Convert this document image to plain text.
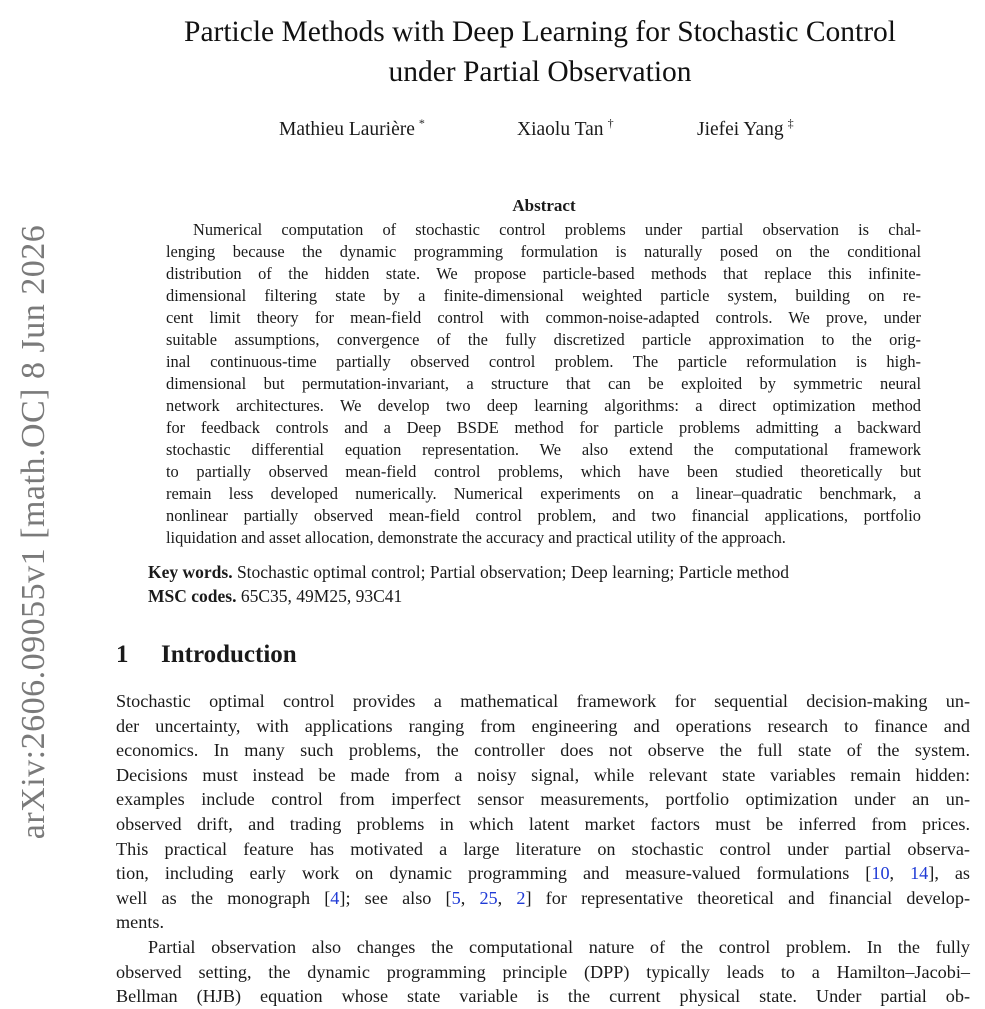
arXiv:2606.09055v1 [math.OC] 8 Jun 2026
Particle Methods with Deep Learning for Stochastic Control
under Partial Observation
Mathieu Laurière *	Xiaolu Tan †	Jiefei Yang ‡
Abstract
Numerical computation of stochastic control problems under partial observation is chal-
lenging because the dynamic programming formulation is naturally posed on the conditional
distribution of the hidden state. We propose particle-based methods that replace this infinite-
dimensional filtering state by a finite-dimensional weighted particle system, building on re-
cent limit theory for mean-field control with common-noise-adapted controls. We prove, under
suitable assumptions, convergence of the fully discretized particle approximation to the orig-
inal continuous-time partially observed control problem. The particle reformulation is high-
dimensional but permutation-invariant, a structure that can be exploited by symmetric neural
network architectures. We develop two deep learning algorithms: a direct optimization method
for feedback controls and a Deep BSDE method for particle problems admitting a backward
stochastic differential equation representation. We also extend the computational framework
to partially observed mean-field control problems, which have been studied theoretically but
remain less developed numerically. Numerical experiments on a linear–quadratic benchmark, a
nonlinear partially observed mean-field control problem, and two financial applications, portfolio
liquidation and asset allocation, demonstrate the accuracy and practical utility of the approach.
Key words. Stochastic optimal control; Partial observation; Deep learning; Particle method
MSC codes. 65C35, 49M25, 93C41
1 Introduction
Stochastic optimal control provides a mathematical framework for sequential decision-making un-
der uncertainty, with applications ranging from engineering and operations research to finance and
economics. In many such problems, the controller does not observe the full state of the system.
Decisions must instead be made from a noisy signal, while relevant state variables remain hidden:
examples include control from imperfect sensor measurements, portfolio optimization under an un-
observed drift, and trading problems in which latent market factors must be inferred from prices.
This practical feature has motivated a large literature on stochastic control under partial observa-
tion, including early work on dynamic programming and measure-valued formulations [10, 14], as
well as the monograph [4]; see also [5, 25, 2] for representative theoretical and financial develop-
ments.
Partial observation also changes the computational nature of the control problem. In the fully
observed setting, the dynamic programming principle (DPP) typically leads to a Hamilton–Jacobi–
Bellman (HJB) equation whose state variable is the current physical state. Under partial ob-
